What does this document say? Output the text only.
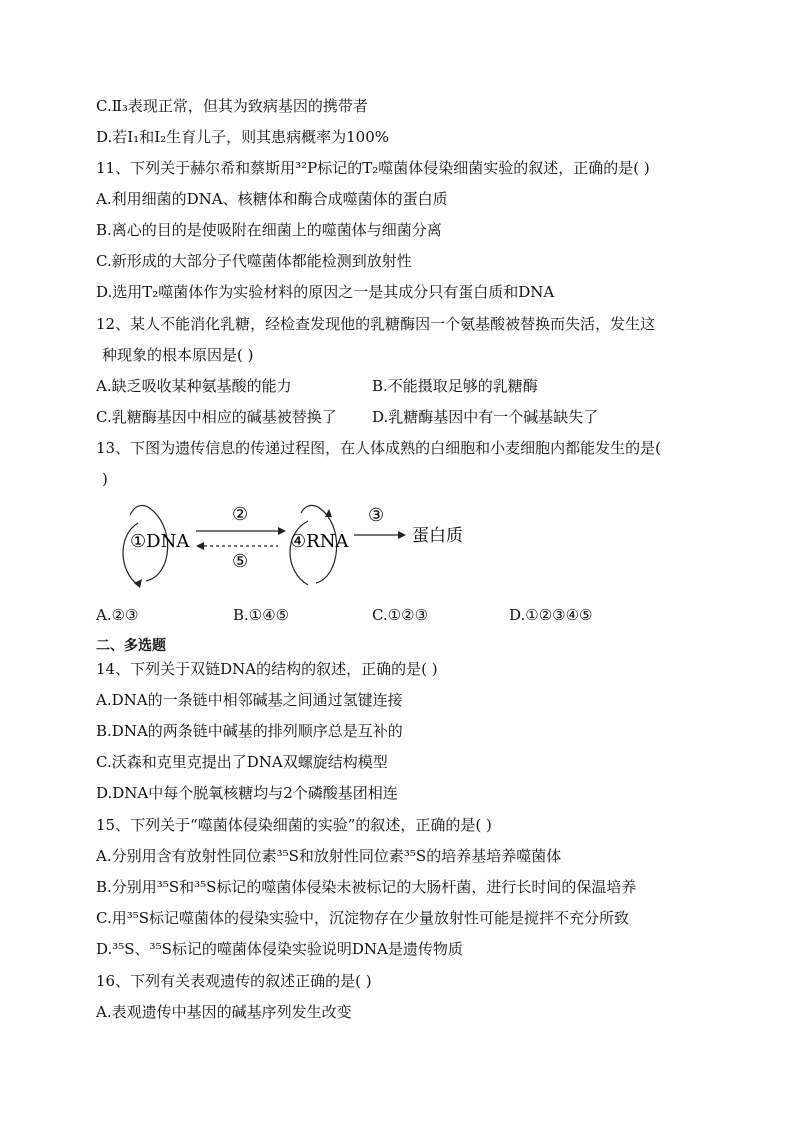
C.Ⅱ₃表现正常，但其为致病基因的携带者
D.若Ⅰ₁和Ⅰ₂生育儿子，则其患病概率为100%
11、下列关于赫尔希和蔡斯用³²P标记的T₂噬菌体侵染细菌实验的叙述，正确的是( )
A.利用细菌的DNA、核糖体和酶合成噬菌体的蛋白质
B.离心的目的是使吸附在细菌上的噬菌体与细菌分离
C.新形成的大部分子代噬菌体都能检测到放射性
D.选用T₂噬菌体作为实验材料的原因之一是其成分只有蛋白质和DNA
12、某人不能消化乳糖，经检查发现他的乳糖酶因一个氨基酸被替换而失活，发生这
种现象的根本原因是( )
A.缺乏吸收某种氨基酸的能力	B.不能摄取足够的乳糖酶
C.乳糖酶基因中相应的碱基被替换了 D.乳糖酶基因中有一个碱基缺失了
13、下图为遗传信息的传递过程图，在人体成熟的白细胞和小麦细胞内都能发生的是(
)
①DNA
②
⑤
④RNA
③
蛋白质
A.②③	B.①④⑤	C.①②③	D.①②③④⑤
二、多选题
14、下列关于双链DNA的结构的叙述，正确的是( )
A.DNA的一条链中相邻碱基之间通过氢键连接
B.DNA的两条链中碱基的排列顺序总是互补的
C.沃森和克里克提出了DNA双螺旋结构模型
D.DNA中每个脱氧核糖均与2个磷酸基团相连
15、下列关于“噬菌体侵染细菌的实验”的叙述，正确的是( )
A.分别用含有放射性同位素³⁵S和放射性同位素³⁵S的培养基培养噬菌体
B.分别用³⁵S和³⁵S标记的噬菌体侵染未被标记的大肠杆菌，进行长时间的保温培养
C.用³⁵S标记噬菌体的侵染实验中，沉淀物存在少量放射性可能是搅拌不充分所致
D.³⁵S、³⁵S标记的噬菌体侵染实验说明DNA是遗传物质
16、下列有关表观遗传的叙述正确的是( )
A.表观遗传中基因的碱基序列发生改变
